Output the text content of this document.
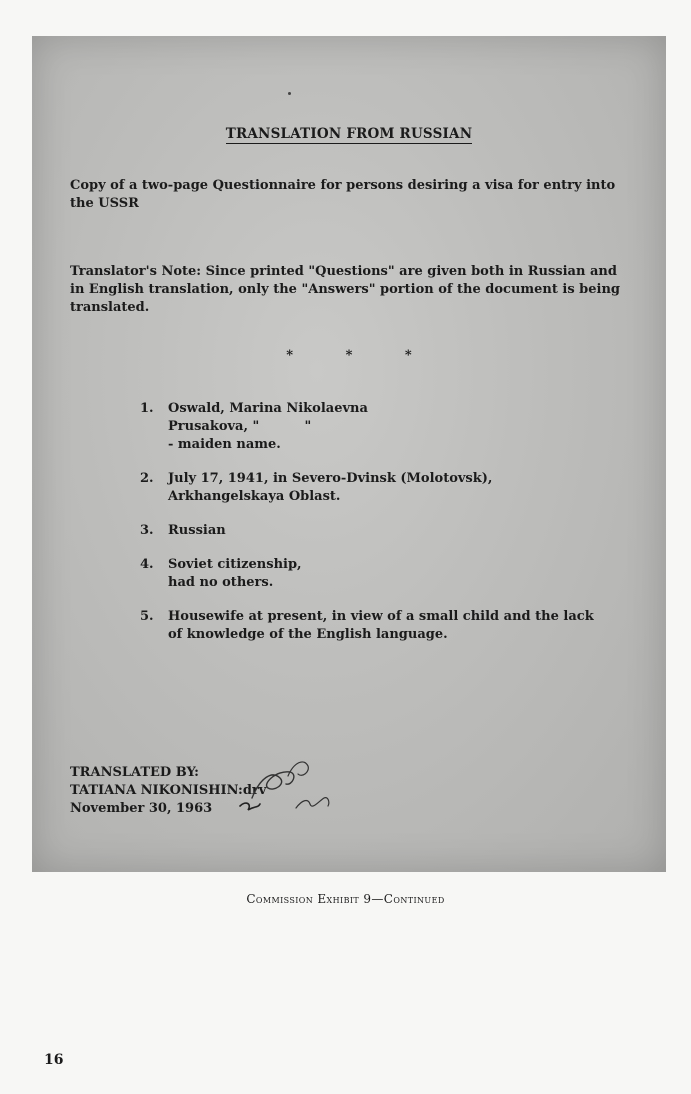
TRANSLATION FROM RUSSIAN
Copy of a two-page Questionnaire for persons desiring a visa for entry into the USSR
Translator's Note: Since printed "Questions" are given both in Russian and in English translation, only the "Answers" portion of the document is being translated.
* * *
1.	Oswald, Marina Nikolaevna
Prusakova, "          "
- maiden name.
2.	July 17, 1941, in Severo-Dvinsk (Molotovsk),
Arkhangelskaya Oblast.
3.	Russian
4.	Soviet citizenship,
had no others.
5.	Housewife at present, in view of a small child and the lack
of knowledge of the English language.
TRANSLATED BY:
TATIANA NIKONISHIN:drv
November 30, 1963
Commission Exhibit 9—Continued
16
